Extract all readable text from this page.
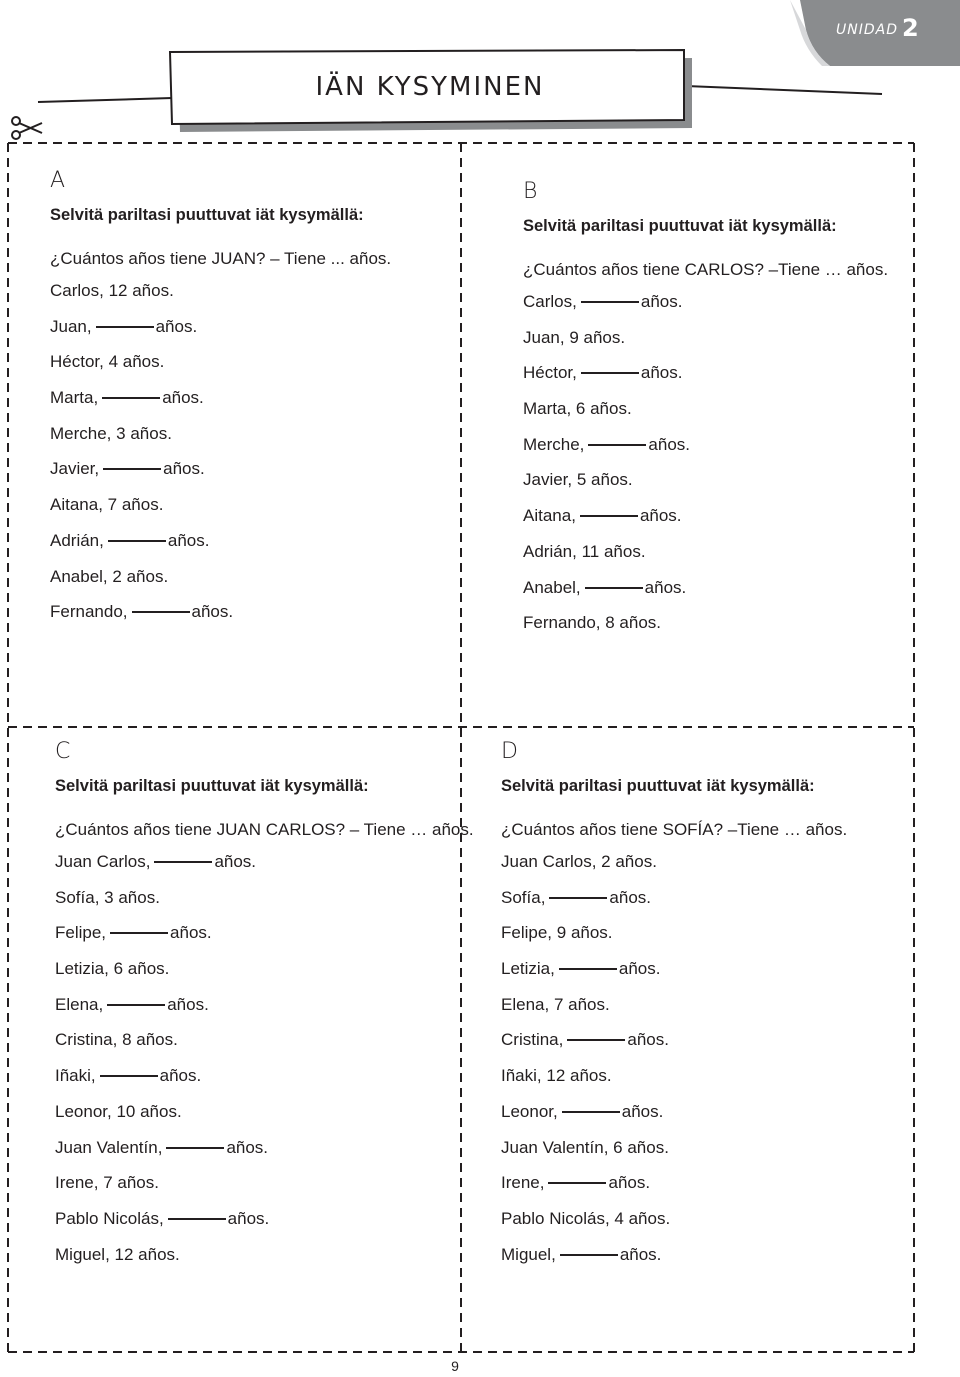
UNIDAD 2
IÄN KYSYMINEN
A
Selvitä pariltasi puuttuvat iät kysymällä:
¿Cuántos años tiene JUAN? – Tiene ... años.
Carlos, 12 años.
Juan,	años.
Héctor, 4 años.
Marta,	años.
Merche, 3 años.
Javier,	años.
Aitana, 7 años.
Adrián,	años.
Anabel, 2 años.
Fernando,	años.
B
Selvitä pariltasi puuttuvat iät kysymällä:
¿Cuántos años tiene CARLOS? –Tiene … años.
Carlos,	años.
Juan, 9 años.
Héctor,	años.
Marta, 6 años.
Merche,	años.
Javier, 5 años.
Aitana,	años.
Adrián, 11 años.
Anabel,	años.
Fernando, 8 años.
C
Selvitä pariltasi puuttuvat iät kysymällä:
¿Cuántos años tiene JUAN CARLOS? – Tiene … años.
Juan Carlos,	años.
Sofía, 3 años.
Felipe,	años.
Letizia, 6 años.
Elena,	años.
Cristina, 8 años.
Iñaki,	años.
Leonor, 10 años.
Juan Valentín,	años.
Irene, 7 años.
Pablo Nicolás,	años.
Miguel, 12 años.
D
Selvitä pariltasi puuttuvat iät kysymällä:
¿Cuántos años tiene SOFÍA? –Tiene … años.
Juan Carlos, 2 años.
Sofía,	años.
Felipe, 9 años.
Letizia,	años.
Elena, 7 años.
Cristina,	años.
Iñaki, 12 años.
Leonor,	años.
Juan Valentín, 6 años.
Irene,	años.
Pablo Nicolás, 4 años.
Miguel,	años.
9
